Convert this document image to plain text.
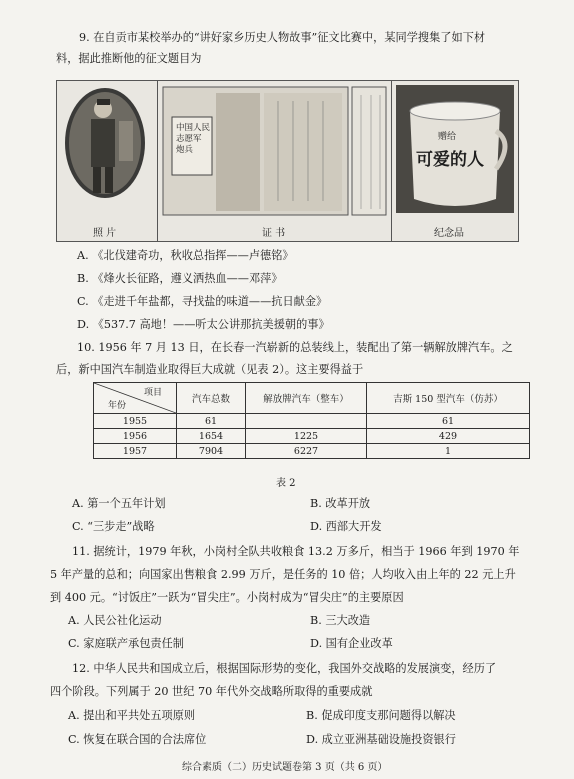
9. 在自贡市某校举办的“讲好家乡历史人物故事”征文比赛中，某同学搜集了如下材
料，据此推断他的征文题目为
照 片
中国人民
志愿军
炮兵
证 书
赠给
可爱的人
纪念品
A. 《北伐建奇功，秋收总指挥——卢德铭》
B. 《烽火长征路，遵义洒热血——邓萍》
C. 《走进千年盐都，寻找盐的味道——抗日献金》
D. 《537.7 高地！——听太公讲那抗美援朝的事》
10. 1956 年 7 月 13 日，在长春一汽崭新的总装线上，装配出了第一辆解放牌汽车。之
后，新中国汽车制造业取得巨大成就（见表 2）。这主要得益于
项目
年份	汽车总数	解放牌汽车（整车）	吉斯 150 型汽车（仿苏）
1955	61		61
1956	1654	1225	429
1957	7904	6227	1
表 2
A. 第一个五年计划	B. 改革开放
C. “三步走”战略	D. 西部大开发
11. 据统计，1979 年秋，小岗村全队共收粮食 13.2 万多斤，相当于 1966 年到 1970 年
5 年产量的总和；向国家出售粮食 2.99 万斤，是任务的 10 倍；人均收入由上年的 22 元上升
到 400 元。“讨饭庄”一跃为“冒尖庄”。小岗村成为“冒尖庄”的主要原因
A. 人民公社化运动	B. 三大改造
C. 家庭联产承包责任制	D. 国有企业改革
12. 中华人民共和国成立后，根据国际形势的变化，我国外交战略的发展演变，经历了
四个阶段。下列属于 20 世纪 70 年代外交战略所取得的重要成就
A. 提出和平共处五项原则	B. 促成印度支那问题得以解决
C. 恢复在联合国的合法席位	D. 成立亚洲基础设施投资银行
综合素质（二）历史试题卷第 3 页（共 6 页）
